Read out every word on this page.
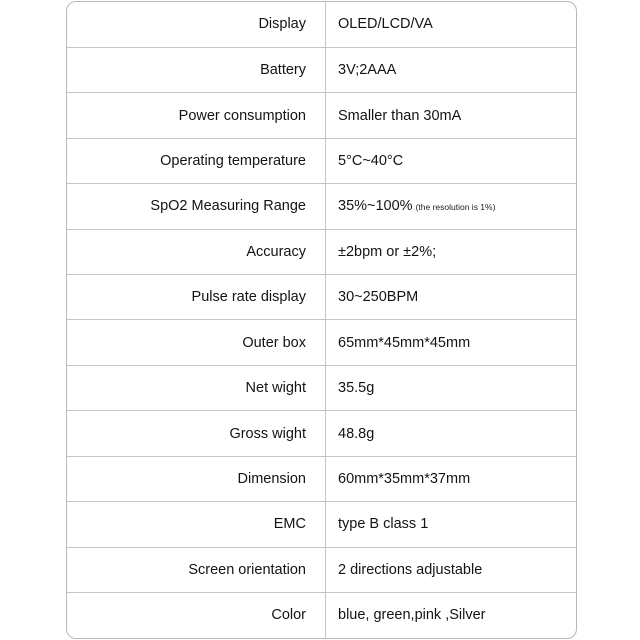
Display	OLED/LCD/VA
Battery	3V;2AAA
Power consumption	Smaller than 30mA
Operating temperature	5°C~40°C
SpO2 Measuring Range	35%~100% (the resolution is 1%)
Accuracy	±2bpm or ±2%;
Pulse rate display	30~250BPM
Outer box	65mm*45mm*45mm
Net wight	35.5g
Gross wight	48.8g
Dimension	60mm*35mm*37mm
EMC	type B class 1
Screen orientation	2 directions adjustable
Color	blue, green,pink ,Silver
